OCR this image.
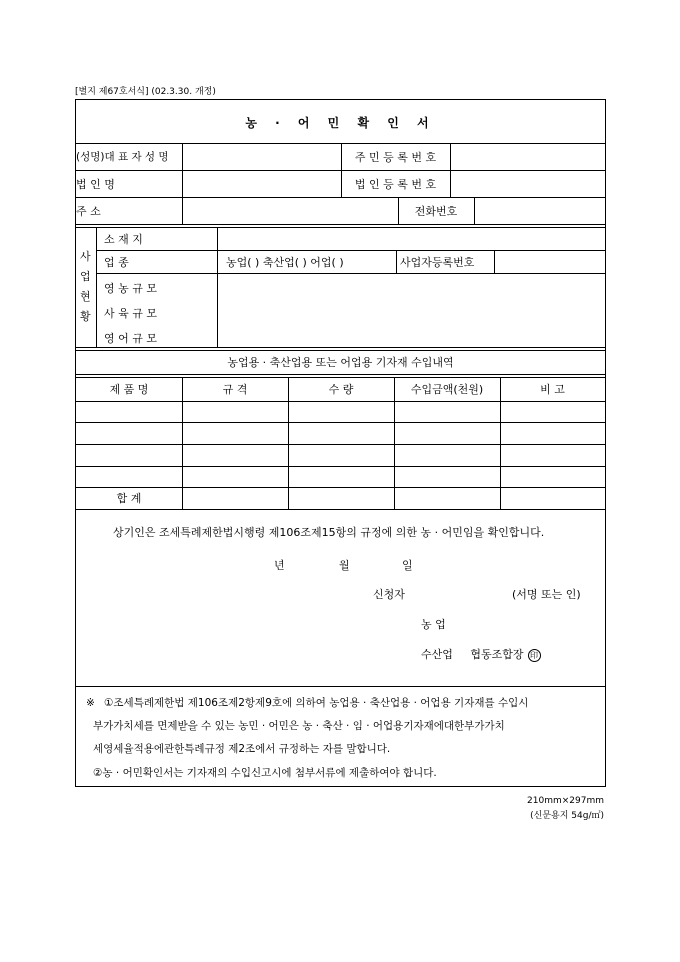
[별지 제67호서식] (02.3.30. 개정)
농 · 어 민 확 인 서
(성명)대 표 자 성 명	주 민 등 록 번 호
법 인 명	법 인 등 록 번 호
주 소	전화번호
사
업
현
황
소 재 지
업 종	농업( ) 축산업( ) 어업( )	사업자등록번호
영 농 규 모
사 육 규 모
영 어 규 모
농업용 · 축산업용 또는 어업용 기자재 수입내역
제 품 명	규 격	수 량	수입금액(천원)	비 고
합 계
상기인은 조세특례제한법시행령 제106조제15항의 규정에 의한 농 · 어민임을 확인합니다.
년	월	일
신청자	(서명 또는 인)
농 업
수산업     협동조합장 印
※ ①조세특례제한법 제106조제2항제9호에 의하여 농업용 · 축산업용 · 어업용 기자재를 수입시
부가가치세를 면제받을 수 있는 농민 · 어민은 농 · 축산 · 임 · 어업용기자재에대한부가가치
세영세율적용에관한특례규정 제2조에서 규정하는 자를 말합니다.
②농 · 어민확인서는 기자재의 수입신고시에 첨부서류에 제출하여야 합니다.
210mm×297mm
(신문용지 54g/㎡)
